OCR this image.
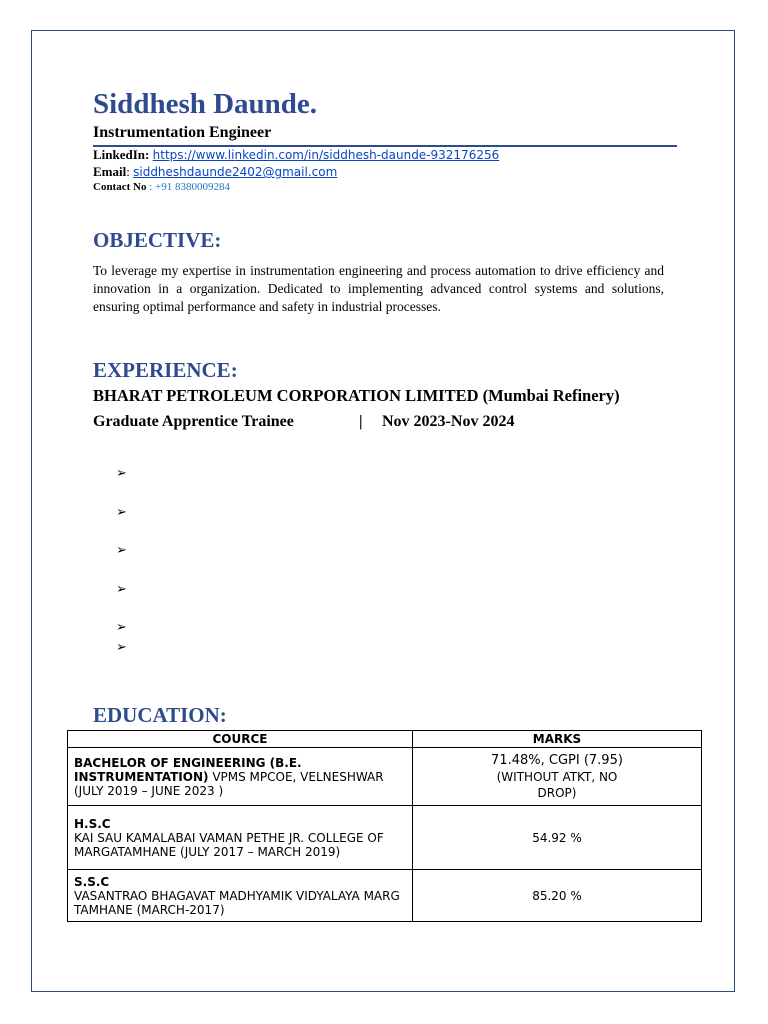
Siddhesh Daunde.
Instrumentation Engineer
LinkedIn: https://www.linkedin.com/in/siddhesh-daunde-932176256
Email: siddheshdaunde2402@gmail.com
Contact No : +91 8380009284
OBJECTIVE:
To leverage my expertise in instrumentation engineering and process automation to drive efficiency and innovation in a organization. Dedicated to implementing advanced control systems and solutions, ensuring optimal performance and safety in industrial processes.
EXPERIENCE:
BHARAT PETROLEUM CORPORATION LIMITED (Mumbai Refinery)
Graduate Apprentice Trainee	| Nov 2023-Nov 2024
➢
➢
➢
➢
➢
➢
EDUCATION:
COURCE	MARKS
BACHELOR OF ENGINEERING (B.E. INSTRUMENTATION) VPMS MPCOE, VELNESHWAR (JULY 2019 – JUNE 2023 )	71.48%, CGPI (7.95)
(WITHOUT ATKT, NO
DROP)

H.S.C
KAI SAU KAMALABAI VAMAN PETHE JR. COLLEGE OF MARGATAMHANE (JULY 2017 – MARCH 2019)	54.92 %

S.S.C
VASANTRAO BHAGAVAT MADHYAMIK VIDYALAYA MARG TAMHANE (MARCH-2017)	85.20 %
